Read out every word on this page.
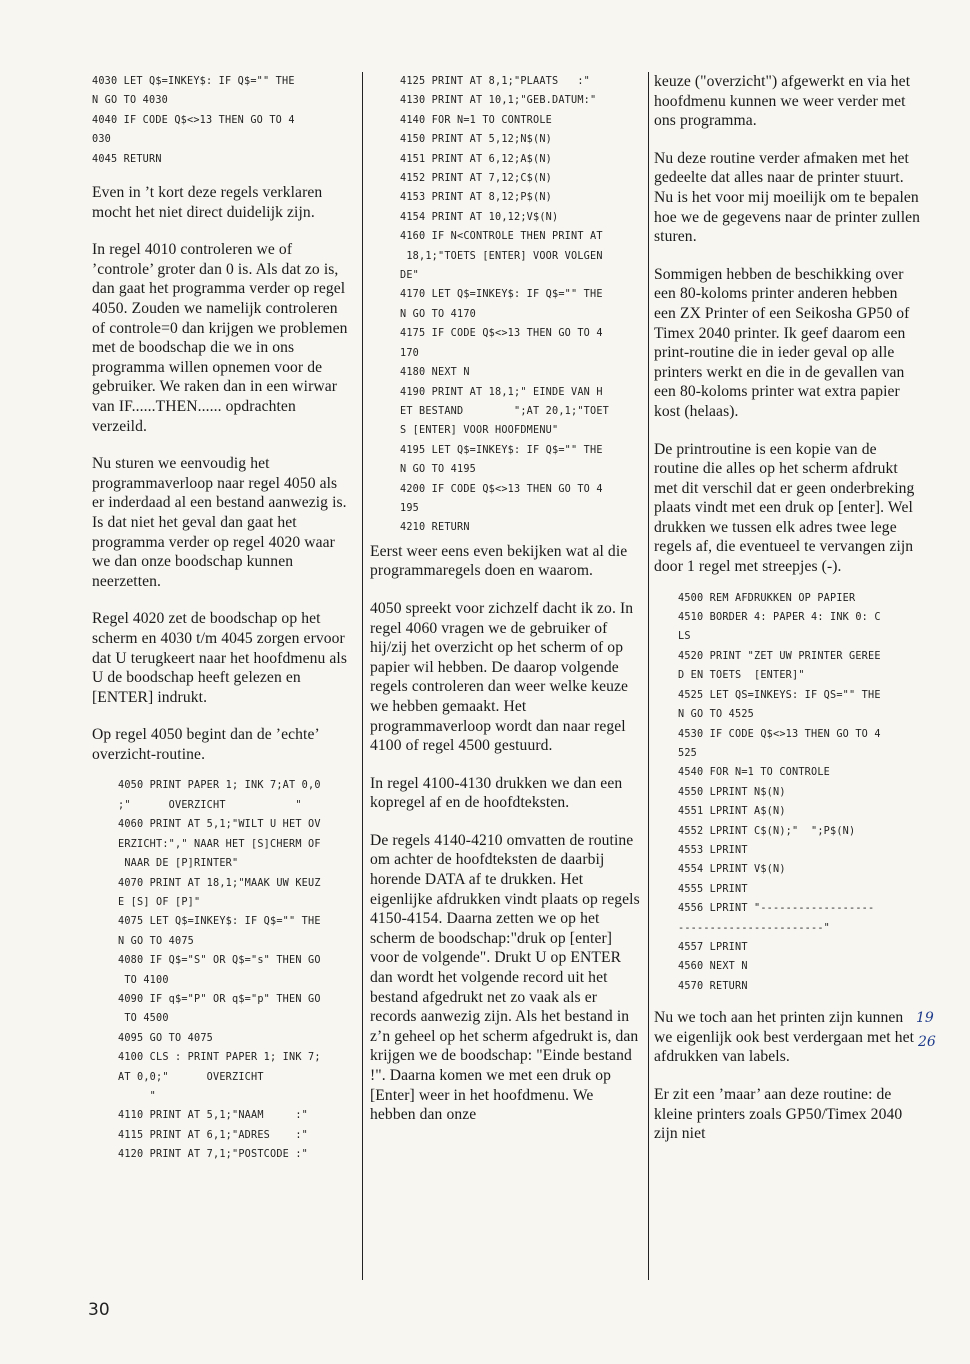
4030 LET Q$=INKEY$: IF Q$="" THE
N GO TO 4030
4040 IF CODE Q$<>13 THEN GO TO 4
030
4045 RETURN

Even in ’t kort deze regels verklaren mocht het niet direct duidelijk zijn.

In regel 4010 controleren we of ’controle’ groter dan 0 is. Als dat zo is, dan gaat het programma verder op regel 4050. Zouden we namelijk controleren of controle=0 dan krijgen we problemen met de boodschap die we in ons programma willen opnemen voor de gebruiker. We raken dan in een wirwar van IF......THEN...... opdrachten verzeild.

Nu sturen we eenvoudig het programmaverloop naar regel 4050 als er inderdaad al een bestand aanwezig is. Is dat niet het geval dan gaat het programma verder op regel 4020 waar we dan onze boodschap kunnen neerzetten.

Regel 4020 zet de boodschap op het scherm en 4030 t/m 4045 zorgen ervoor dat U terugkeert naar het hoofdmenu als U de boodschap heeft gelezen en [ENTER] indrukt.

Op regel 4050 begint dan de ’echte’ overzicht-routine.

4050 PRINT PAPER 1; INK 7;AT 0,0
;"      OVERZICHT           "
4060 PRINT AT 5,1;"WILT U HET OV
ERZICHT:"," NAAR HET [S]CHERM OF
NAAR DE [P]RINTER"
4070 PRINT AT 18,1;"MAAK UW KEUZ
E [S] OF [P]"
4075 LET Q$=INKEY$: IF Q$="" THE
N GO TO 4075
4080 IF Q$="S" OR Q$="s" THEN GO
TO 4100
4090 IF q$="P" OR q$="p" THEN GO
TO 4500
4095 GO TO 4075
4100 CLS : PRINT PAPER 1; INK 7;
AT 0,0;"      OVERZICHT
"
4110 PRINT AT 5,1;"NAAM     :"
4115 PRINT AT 6,1;"ADRES    :"
4120 PRINT AT 7,1;"POSTCODE :"
4125 PRINT AT 8,1;"PLAATS   :"
4130 PRINT AT 10,1;"GEB.DATUM:"
4140 FOR N=1 TO CONTROLE
4150 PRINT AT 5,12;N$(N)
4151 PRINT AT 6,12;A$(N)
4152 PRINT AT 7,12;C$(N)
4153 PRINT AT 8,12;P$(N)
4154 PRINT AT 10,12;V$(N)
4160 IF N<CONTROLE THEN PRINT AT
18,1;"TOETS [ENTER] VOOR VOLGEN
DE"
4170 LET Q$=INKEY$: IF Q$="" THE
N GO TO 4170
4175 IF CODE Q$<>13 THEN GO TO 4
170
4180 NEXT N
4190 PRINT AT 18,1;" EINDE VAN H
ET BESTAND        ";AT 20,1;"TOET
S [ENTER] VOOR HOOFDMENU"
4195 LET Q$=INKEY$: IF Q$="" THE
N GO TO 4195
4200 IF CODE Q$<>13 THEN GO TO 4
195
4210 RETURN

Eerst weer eens even bekijken wat al die programmaregels doen en waarom.

4050 spreekt voor zichzelf dacht ik zo. In regel 4060 vragen we de gebruiker of hij/zij het overzicht op het scherm of op papier wil hebben. De daarop volgende regels controleren dan weer welke keuze we hebben gemaakt. Het programmaverloop wordt dan naar regel 4100 of regel 4500 gestuurd.

In regel 4100-4130 drukken we dan een kopregel af en de hoofdteksten.

De regels 4140-4210 omvatten de routine om achter de hoofdteksten de daarbij horende DATA af te drukken. Het eigenlijke afdrukken vindt plaats op regels 4150-4154. Daarna zetten we op het scherm de boodschap:"druk op [enter] voor de volgende". Drukt U op ENTER dan wordt het volgende record uit het bestand afgedrukt net zo vaak als er records aanwezig zijn. Als het bestand in z’n geheel op het scherm afgedrukt is, dan krijgen we de boodschap: "Einde bestand !". Daarna komen we met een druk op [Enter] weer in het hoofdmenu. We hebben dan onze

keuze ("overzicht") afgewerkt en via het hoofdmenu kunnen we weer verder met ons programma.

Nu deze routine verder afmaken met het gedeelte dat alles naar de printer stuurt. Nu is het voor mij moeilijk om te bepalen hoe we de gegevens naar de printer zullen sturen.

Sommigen hebben de beschikking over een 80-koloms printer anderen hebben een ZX Printer of een Seikosha GP50 of Timex 2040 printer. Ik geef daarom een print-routine die in ieder geval op alle printers werkt en die in de gevallen van een 80-koloms printer wat extra papier kost (helaas).

De printroutine is een kopie van de routine die alles op het scherm afdrukt met dit verschil dat er geen onderbreking plaats vindt met een druk op [enter]. Wel drukken we tussen elk adres twee lege regels af, die eventueel te vervangen zijn door 1 regel met streepjes (-).

4500 REM AFDRUKKEN OP PAPIER
4510 BORDER 4: PAPER 4: INK 0: C
LS
4520 PRINT "ZET UW PRINTER GEREE
D EN TOETS  [ENTER]"
4525 LET QS=INKEYS: IF QS="" THE
N GO TO 4525
4530 IF CODE Q$<>13 THEN GO TO 4
525
4540 FOR N=1 TO CONTROLE
4550 LPRINT N$(N)
4551 LPRINT A$(N)
4552 LPRINT C$(N);"  ";P$(N)
4553 LPRINT
4554 LPRINT V$(N)
4555 LPRINT
4556 LPRINT "------------------
-----------------------"
4557 LPRINT
4560 NEXT N
4570 RETURN

Nu we toch aan het printen zijn kunnen we eigenlijk ook best verdergaan met het afdrukken van labels.

Er zit een ’maar’ aan deze routine: de kleine printers zoals GP50/Timex 2040 zijn niet

19
26
30
